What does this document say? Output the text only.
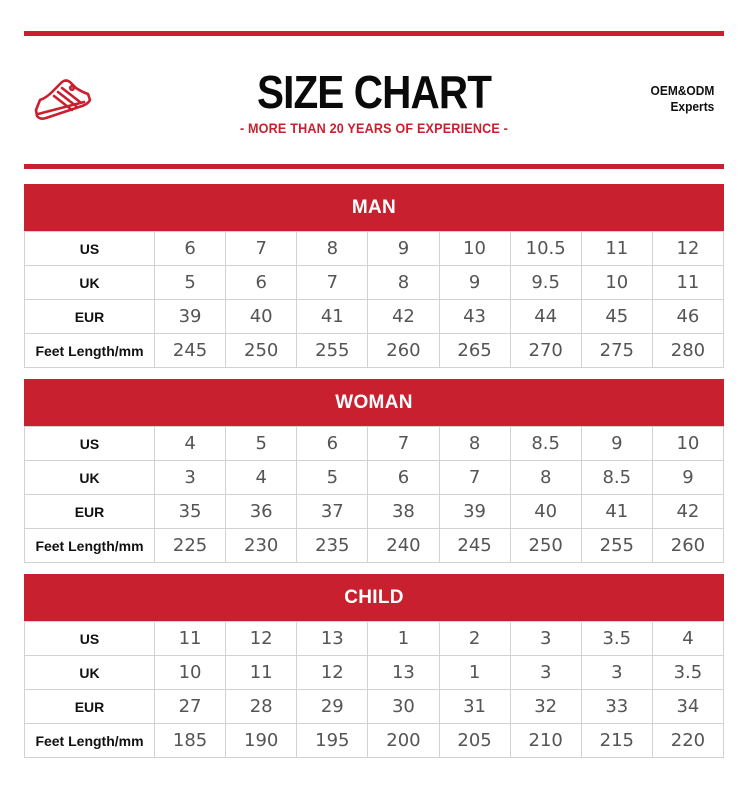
SIZE CHART
- MORE THAN 20 YEARS OF EXPERIENCE -
OEM&ODM
Experts
MAN
US	6	7	8	9	10	10.5	11	12
UK	5	6	7	8	9	9.5	10	11
EUR	39	40	41	42	43	44	45	46
Feet Length/mm	245	250	255	260	265	270	275	280
WOMAN
US	4	5	6	7	8	8.5	9	10
UK	3	4	5	6	7	8	8.5	9
EUR	35	36	37	38	39	40	41	42
Feet Length/mm	225	230	235	240	245	250	255	260
CHILD
US	11	12	13	1	2	3	3.5	4
UK	10	11	12	13	1	3	3	3.5
EUR	27	28	29	30	31	32	33	34
Feet Length/mm	185	190	195	200	205	210	215	220
